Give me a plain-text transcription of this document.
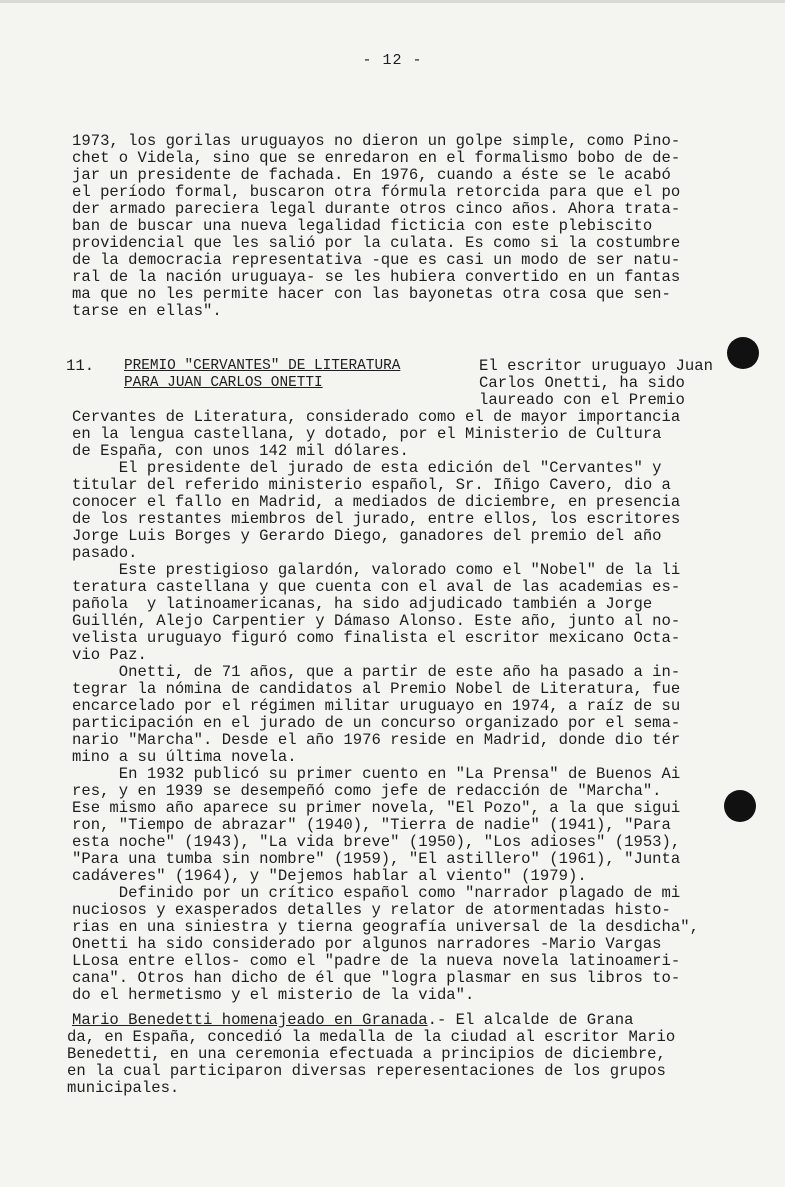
- 12 -
1973, los gorilas uruguayos no dieron un golpe simple, como Pino-
chet o Videla, sino que se enredaron en el formalismo bobo de de-
jar un presidente de fachada. En 1976, cuando a éste se le acabó
el período formal, buscaron otra fórmula retorcida para que el po
der armado pareciera legal durante otros cinco años. Ahora trata-
ban de buscar una nueva legalidad ficticia con este plebiscito
providencial que les salió por la culata. Es como si la costumbre
de la democracia representativa -que es casi un modo de ser natu-
ral de la nación uruguaya- se les hubiera convertido en un fantas
ma que no les permite hacer con las bayonetas otra cosa que sen-
tarse en ellas".
11. PREMIO "CERVANTES" DE LITERATURA
PARA JUAN CARLOS ONETTI
El escritor uruguayo Juan
Carlos Onetti, ha sido
laureado con el Premio
Cervantes de Literatura, considerado como el de mayor importancia
en la lengua castellana, y dotado, por el Ministerio de Cultura
de España, con unos 142 mil dólares.
El presidente del jurado de esta edición del "Cervantes" y
titular del referido ministerio español, Sr. Iñigo Cavero, dio a
conocer el fallo en Madrid, a mediados de diciembre, en presencia
de los restantes miembros del jurado, entre ellos, los escritores
Jorge Luis Borges y Gerardo Diego, ganadores del premio del año
pasado.
Este prestigioso galardón, valorado como el "Nobel" de la li
teratura castellana y que cuenta con el aval de las academias es-
pañola  y latinoamericanas, ha sido adjudicado también a Jorge
Guillén, Alejo Carpentier y Dámaso Alonso. Este año, junto al no-
velista uruguayo figuró como finalista el escritor mexicano Octa-
vio Paz.
Onetti, de 71 años, que a partir de este año ha pasado a in-
tegrar la nómina de candidatos al Premio Nobel de Literatura, fue
encarcelado por el régimen militar uruguayo en 1974, a raíz de su
participación en el jurado de un concurso organizado por el sema-
nario "Marcha". Desde el año 1976 reside en Madrid, donde dio tér
mino a su última novela.
En 1932 publicó su primer cuento en "La Prensa" de Buenos Ai
res, y en 1939 se desempeñó como jefe de redacción de "Marcha".
Ese mismo año aparece su primer novela, "El Pozo", a la que sigui
ron, "Tiempo de abrazar" (1940), "Tierra de nadie" (1941), "Para
esta noche" (1943), "La vida breve" (1950), "Los adioses" (1953),
"Para una tumba sin nombre" (1959), "El astillero" (1961), "Junta
cadáveres" (1964), y "Dejemos hablar al viento" (1979).
Definido por un crítico español como "narrador plagado de mi
nuciosos y exasperados detalles y relator de atormentadas histo-
rias en una siniestra y tierna geografía universal de la desdicha",
Onetti ha sido considerado por algunos narradores -Mario Vargas
LLosa entre ellos- como el "padre de la nueva novela latinoameri-
cana". Otros han dicho de él que "logra plasmar en sus libros to-
do el hermetismo y el misterio de la vida".
Mario Benedetti homenajeado en Granada.- El alcalde de Grana
da, en España, concedió la medalla de la ciudad al escritor Mario
Benedetti, en una ceremonia efectuada a principios de diciembre,
en la cual participaron diversas reperesentaciones de los grupos
municipales.
